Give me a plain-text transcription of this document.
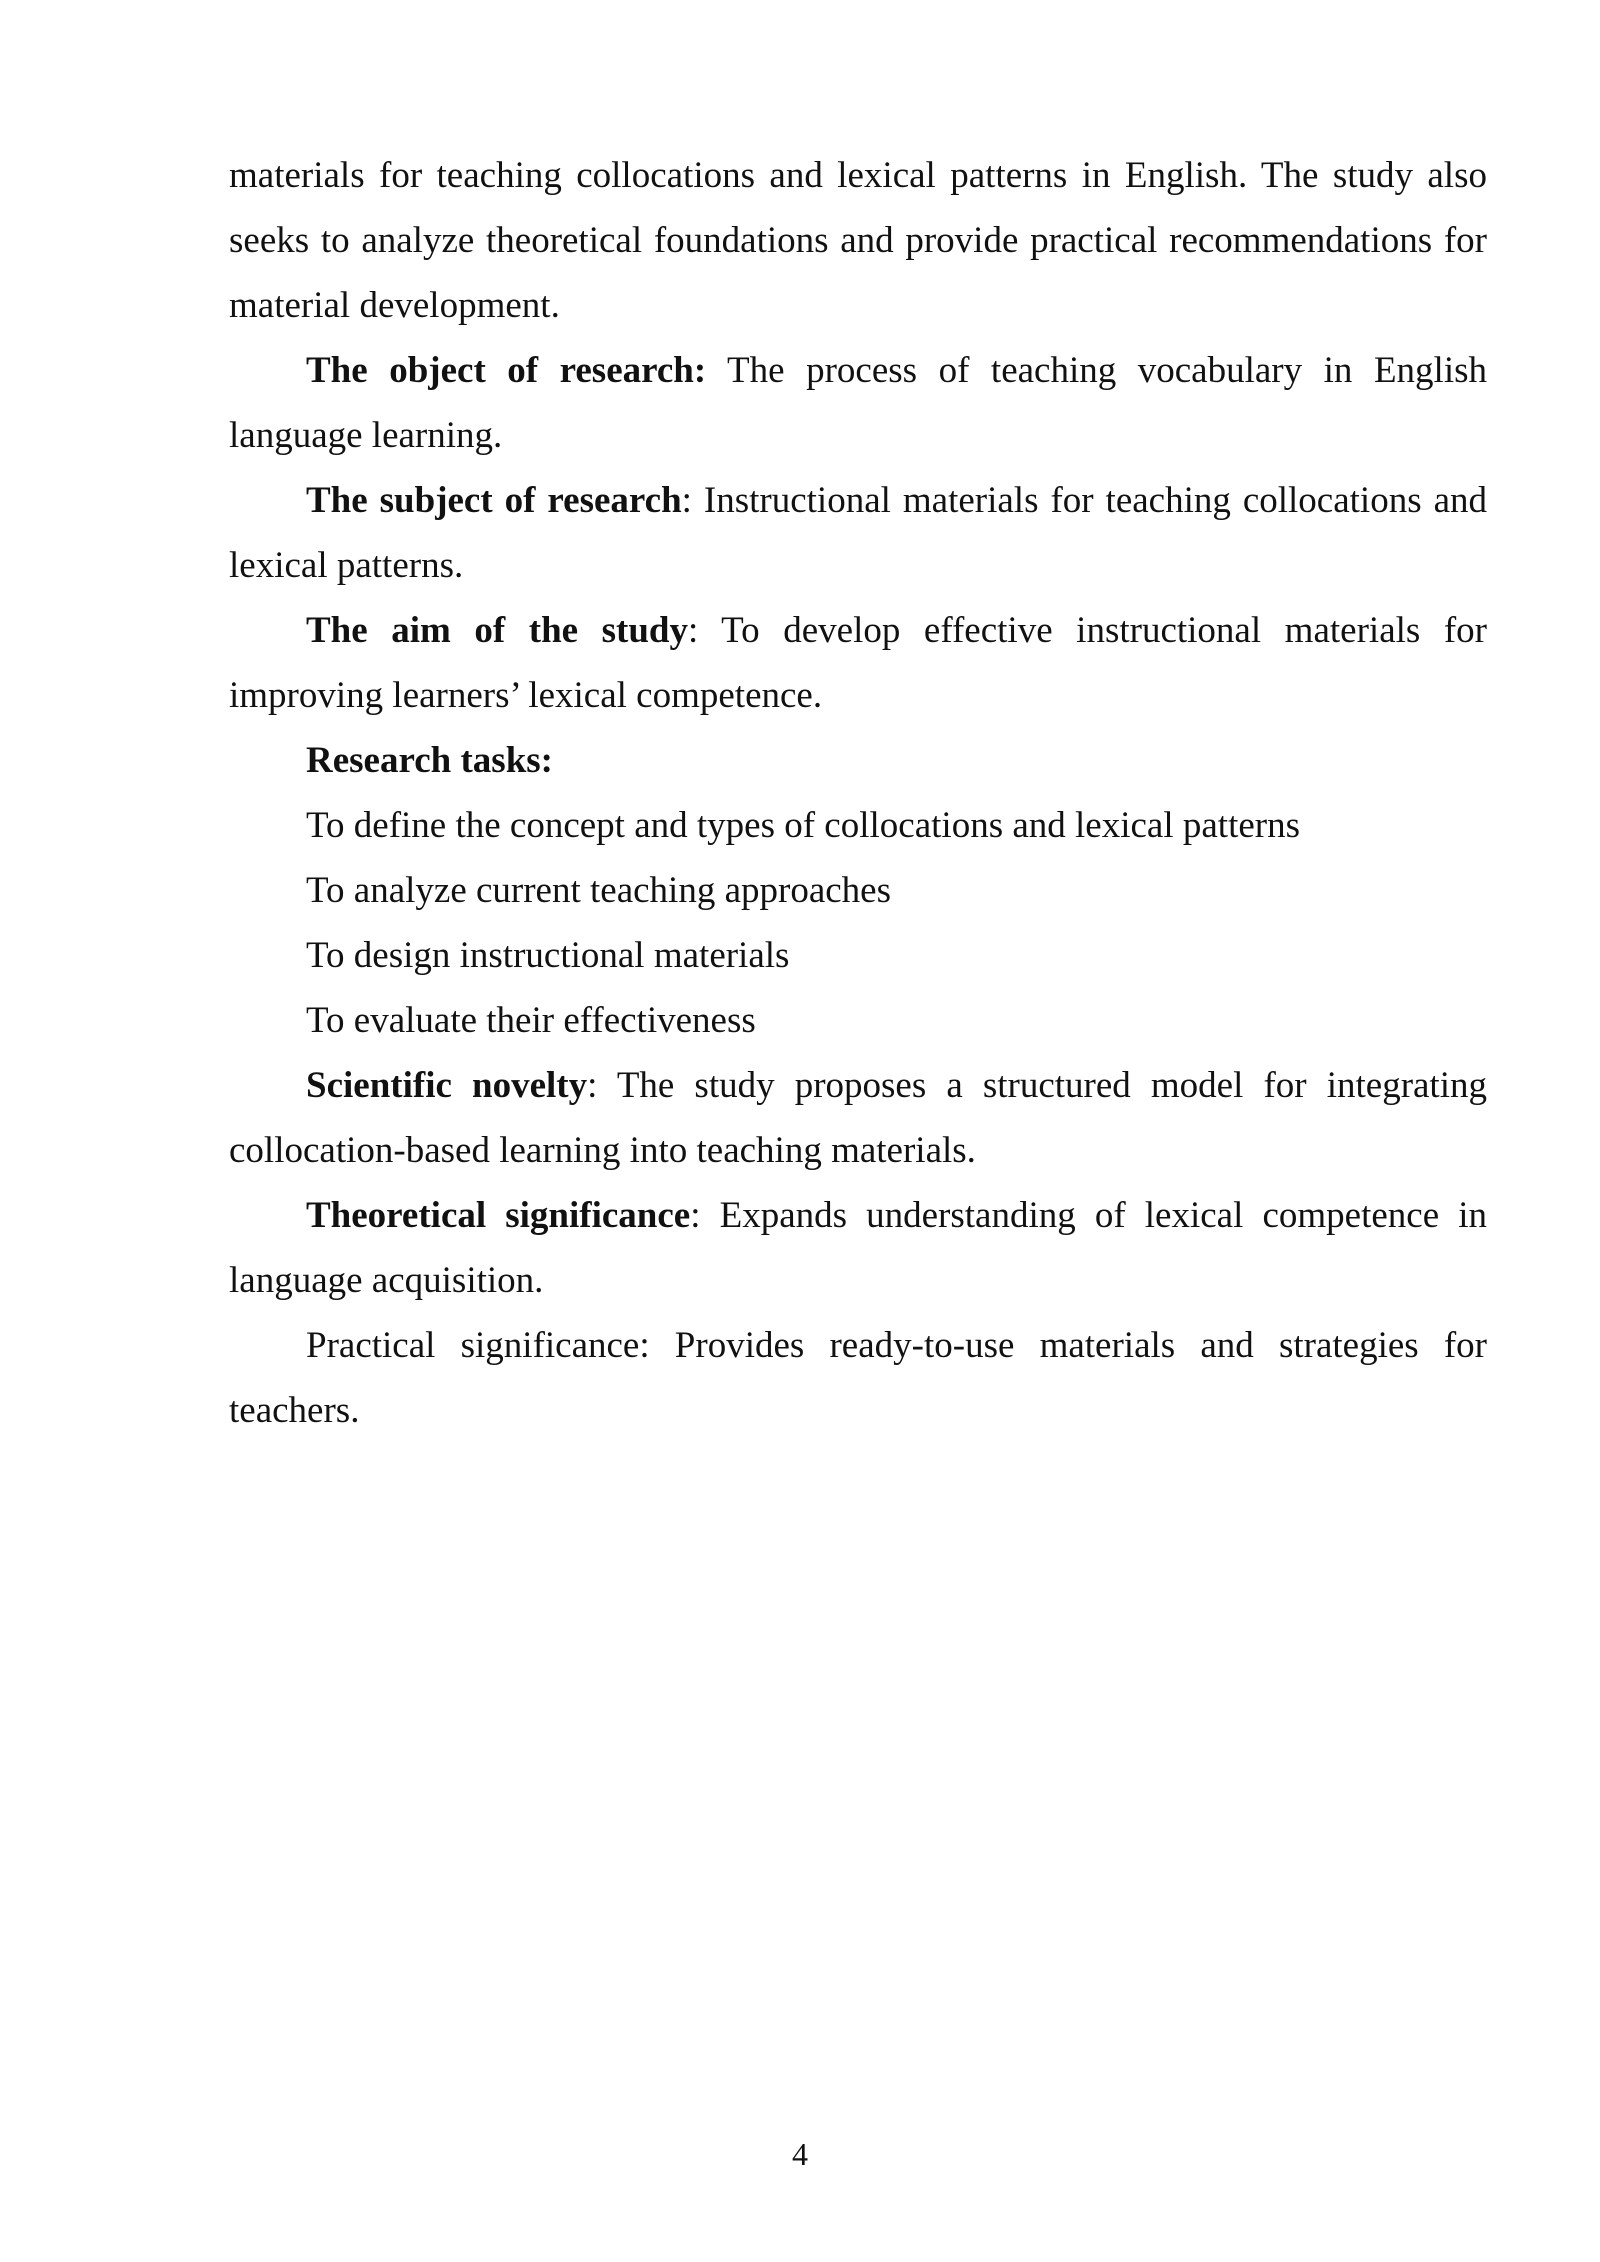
materials for teaching collocations and lexical patterns in English. The study also seeks to analyze theoretical foundations and provide practical recommendations for material development.

The object of research: The process of teaching vocabulary in English language learning.

The subject of research: Instructional materials for teaching collocations and lexical patterns.

The aim of the study: To develop effective instructional materials for improving learners’ lexical competence.

Research tasks:

To define the concept and types of collocations and lexical patterns

To analyze current teaching approaches

To design instructional materials

To evaluate their effectiveness

Scientific novelty: The study proposes a structured model for integrating collocation-based learning into teaching materials.

Theoretical significance: Expands understanding of lexical competence in language acquisition.

Practical significance: Provides ready-to-use materials and strategies for teachers.

4
